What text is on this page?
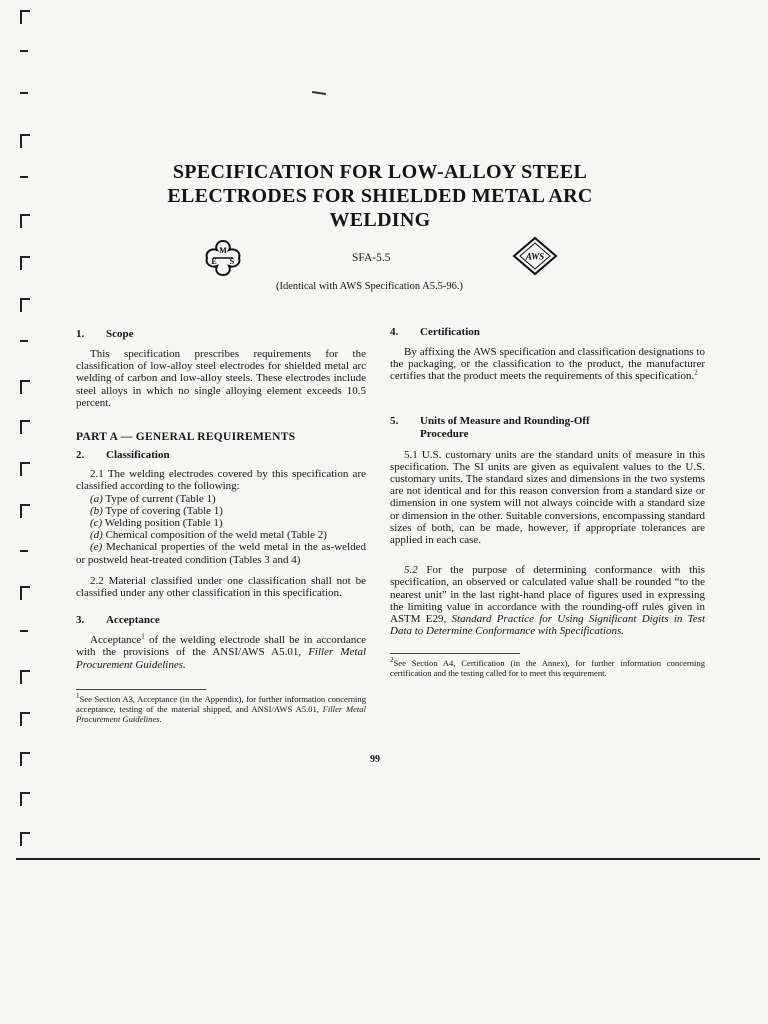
SPECIFICATION FOR LOW-ALLOY STEEL
ELECTRODES FOR SHIELDED METAL ARC
WELDING
M
E S	SFA-5.5	AWS
(Identical with AWS Specification A5.5-96.)
1. Scope

This specification prescribes requirements for the classification of low-alloy steel electrodes for shielded metal arc welding of carbon and low-alloy steels. These electrodes include steel alloys in which no single alloying element exceeds 10.5 percent.

PART A — GENERAL REQUIREMENTS
2. Classification

2.1 The welding electrodes covered by this specification are classified according to the following:

(a) Type of current (Table 1)
(b) Type of covering (Table 1)
(c) Welding position (Table 1)
(d) Chemical composition of the weld metal (Table 2)

(e) Mechanical properties of the weld metal in the as-welded or postweld heat-treated condition (Tables 3 and 4)

2.2 Material classified under one classification shall not be classified under any other classification in this specification.

3. Acceptance

Acceptance$^1$ of the welding electrode shall be in accordance with the provisions of the ANSI/AWS A5.01, Filler Metal Procurement Guidelines.

$^1$See Section A3, Acceptance (in the Appendix), for further information concerning acceptance, testing of the material shipped, and ANSI/AWS A5.01, Filler Metal Procurement Guidelines.

4. Certification

By affixing the AWS specification and classification designations to the packaging, or the classification to the product, the manufacturer certifies that the product meets the requirements of this specification.$^2$

5. Units of Measure and Rounding-Off
Procedure

5.1 U.S. customary units are the standard units of measure in this specification. The SI units are given as equivalent values to the U.S. customary units. The standard sizes and dimensions in the two systems are not identical and for this reason conversion from a standard size or dimension in one system will not always coincide with a standard size or dimension in the other. Suitable conversions, encompassing standard sizes of both, can be made, however, if appropriate tolerances are applied in each case.

5.2 For the purpose of determining conformance with this specification, an observed or calculated value shall be rounded “to the nearest unit” in the last right-hand place of figures used in expressing the limiting value in accordance with the rounding-off rules given in ASTM E29, Standard Practice for Using Significant Digits in Test Data to Determine Conformance with Specifications.

$^2$See Section A4, Certification (in the Annex), for further information concerning certification and the testing called for to meet this requirement.

99
